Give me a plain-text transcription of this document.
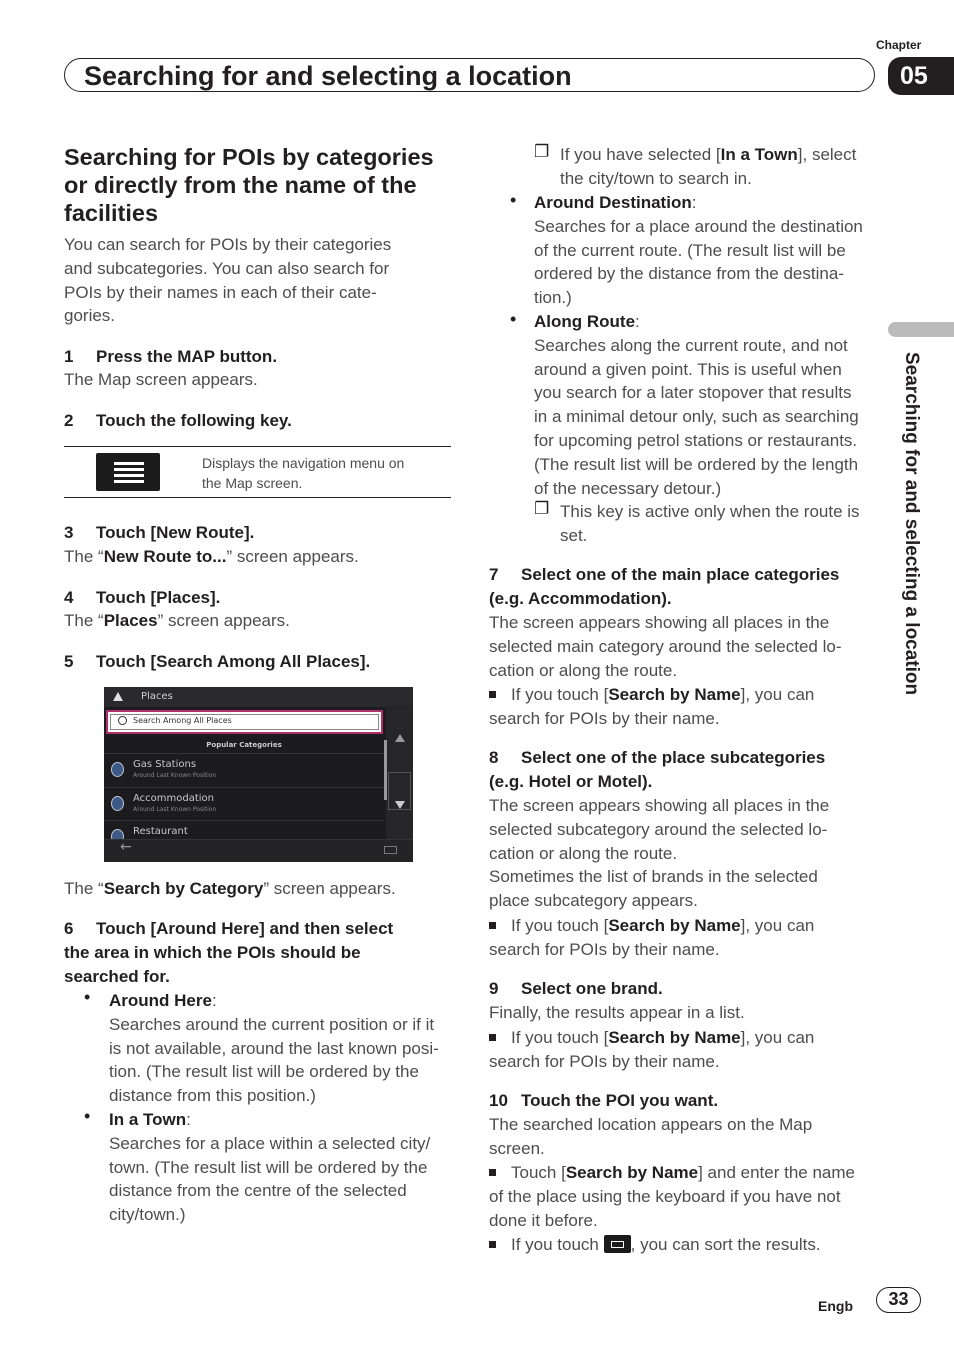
Chapter
Searching for and selecting a location	05
Searching for and selecting a location
Searching for POIs by categories or directly from the name of the facilities
You can search for POIs by their categories
and subcategories. You can also search for
POIs by their names in each of their cate-
gories.
1 Press the MAP button.
The Map screen appears.
2 Touch the following key.
Displays the navigation menu on
the Map screen.
3 Touch [New Route].
The “New Route to...” screen appears.
4 Touch [Places].
The “Places” screen appears.
5 Touch [Search Among All Places].
Places
Search Among All Places
Popular Categories
Gas Stations
Around Last Known Position
Accommodation
Around Last Known Position
Restaurant
←
The “Search by Category” screen appears.
6 Touch [Around Here] and then select
the area in which the POIs should be
searched for.
• Around Here:
Searches around the current position or if it
is not available, around the last known posi-
tion. (The result list will be ordered by the
distance from this position.)
• In a Town:
Searches for a place within a selected city/
town. (The result list will be ordered by the
distance from the centre of the selected
city/town.)
❐ If you have selected [In a Town], select
the city/town to search in.
• Around Destination:
Searches for a place around the destination
of the current route. (The result list will be
ordered by the distance from the destina-
tion.)
• Along Route:
Searches along the current route, and not
around a given point. This is useful when
you search for a later stopover that results
in a minimal detour only, such as searching
for upcoming petrol stations or restaurants.
(The result list will be ordered by the length
of the necessary detour.)
❐ This key is active only when the route is
set.
7 Select one of the main place categories
(e.g. Accommodation).
The screen appears showing all places in the
selected main category around the selected lo-
cation or along the route.
If you touch [Search by Name], you can
search for POIs by their name.
8 Select one of the place subcategories
(e.g. Hotel or Motel).
The screen appears showing all places in the
selected subcategory around the selected lo-
cation or along the route.
Sometimes the list of brands in the selected
place subcategory appears.
If you touch [Search by Name], you can
search for POIs by their name.
9 Select one brand.
Finally, the results appear in a list.
If you touch [Search by Name], you can
search for POIs by their name.
10 Touch the POI you want.
The searched location appears on the Map
screen.
Touch [Search by Name] and enter the name
of the place using the keyboard if you have not
done it before.
If you touch
, you can sort the results.
Engb	33
